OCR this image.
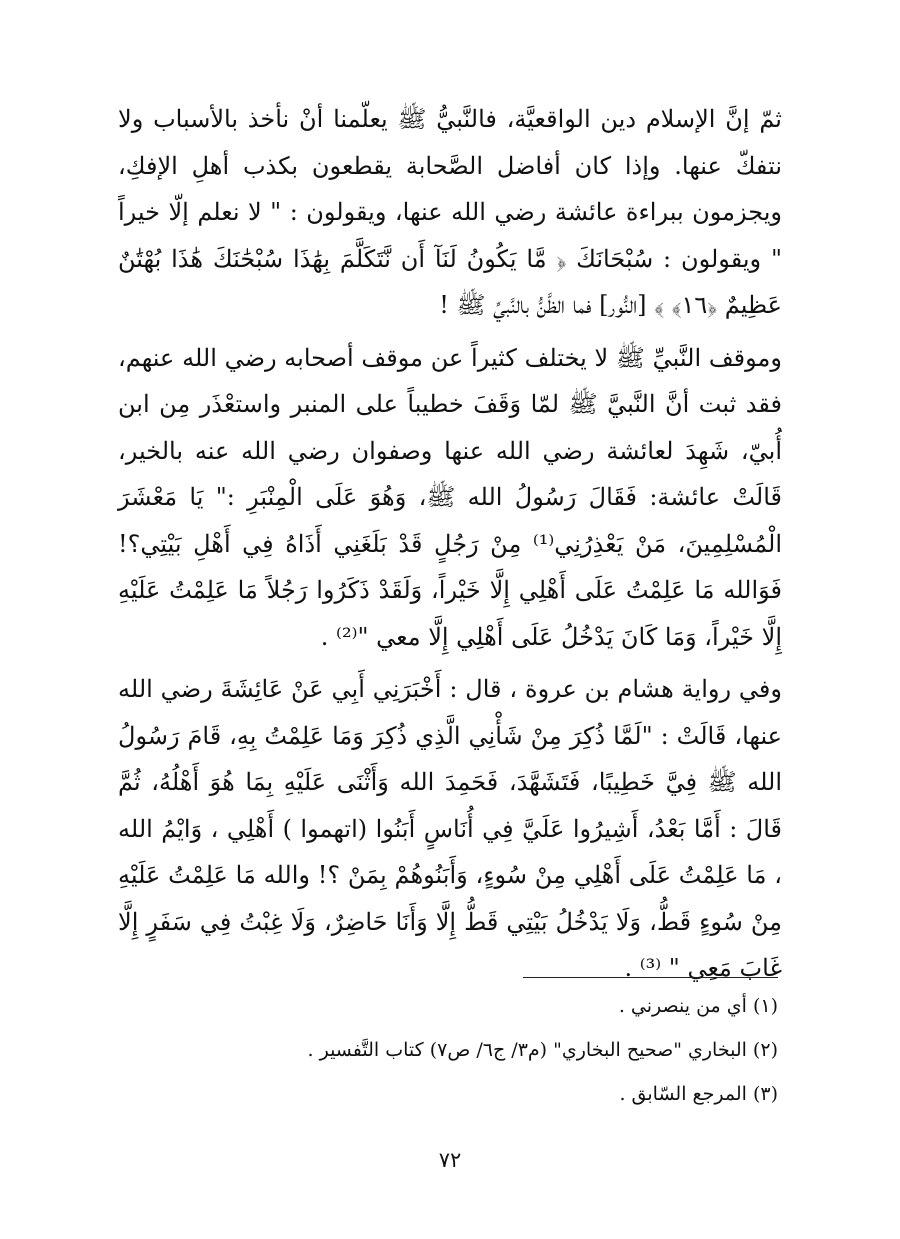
ثمّ إنَّ الإسلام دين الواقعيَّة، فالنَّبيُّ ﷺ يعلّمنا أنْ نأخذ بالأسباب ولا نتفكّ عنها. وإذا كان أفاضل الصَّحابة يقطعون بكذب أهلِ الإفكِ، ويجزمون ببراءة عائشة رضي الله عنها، ويقولون : " لا نعلم إلّا خيراً " ويقولون : سُبْحَانَكَ ﴿ مَّا يَكُونُ لَنَآ أَن نَّتَكَلَّمَ بِهَٰذَا سُبْحَٰنَكَ هَٰذَا بُهْتَٰنٌ عَظِيمٌ ﴿١٦﴾ ﴾ [النُّور] فما الظَّنُّ بالنَّبيِّ ﷺ !

وموقف النَّبيِّ ﷺ لا يختلف كثيراً عن موقف أصحابه رضي الله عنهم، فقد ثبت أنَّ النَّبيَّ ﷺ لمّا وَقَفَ خطيباً على المنبر واستعْذَر مِن ابن أُبيّ، شَهِدَ لعائشة رضي الله عنها وصفوان رضي الله عنه بالخير، قَالَتْ عائشة: فَقَالَ رَسُولُ الله ﷺ، وَهُوَ عَلَى الْمِنْبَرِ :" يَا مَعْشَرَ الْمُسْلِمِينَ، مَنْ يَعْذِرُنِي⁽¹⁾ مِنْ رَجُلٍ قَدْ بَلَغَنِي أَذَاهُ فِي أَهْلِ بَيْتِي؟! فَوَالله مَا عَلِمْتُ عَلَى أَهْلِي إِلَّا خَيْراً، وَلَقَدْ ذَكَرُوا رَجُلاً مَا عَلِمْتُ عَلَيْهِ إِلَّا خَيْراً، وَمَا كَانَ يَدْخُلُ عَلَى أَهْلِي إِلَّا معي "⁽²⁾ .

وفي رواية هشام بن عروة ، قال : أَخْبَرَنِي أَبِي عَنْ عَائِشَةَ رضي الله عنها، قَالَتْ : "لَمَّا ذُكِرَ مِنْ شَأْنِي الَّذِي ذُكِرَ وَمَا عَلِمْتُ بِهِ، قَامَ رَسُولُ الله ﷺ فِيَّ خَطِيبًا، فَتَشَهَّدَ، فَحَمِدَ الله وَأَثْنَى عَلَيْهِ بِمَا هُوَ أَهْلُهُ، ثُمَّ قَالَ : أَمَّا بَعْدُ، أَشِيرُوا عَلَيَّ فِي أُنَاسٍ أَبَنُوا (اتهموا ) أَهْلِي ، وَايْمُ الله ، مَا عَلِمْتُ عَلَى أَهْلِي مِنْ سُوءٍ، وَأَبَنُوهُمْ بِمَنْ ؟! والله مَا عَلِمْتُ عَلَيْهِ مِنْ سُوءٍ قَطُّ، وَلَا يَدْخُلُ بَيْتِي قَطُّ إِلَّا وَأَنَا حَاضِرٌ، وَلَا غِبْتُ فِي سَفَرٍ إِلَّا غَابَ مَعِي " ⁽³⁾ .

(١) أي من ينصرني .

(٢) البخاري "صحيح البخاري" (م٣/ ج٦/ ص٧) كتاب التَّفسير .

(٣) المرجع السّابق .

٧٢
